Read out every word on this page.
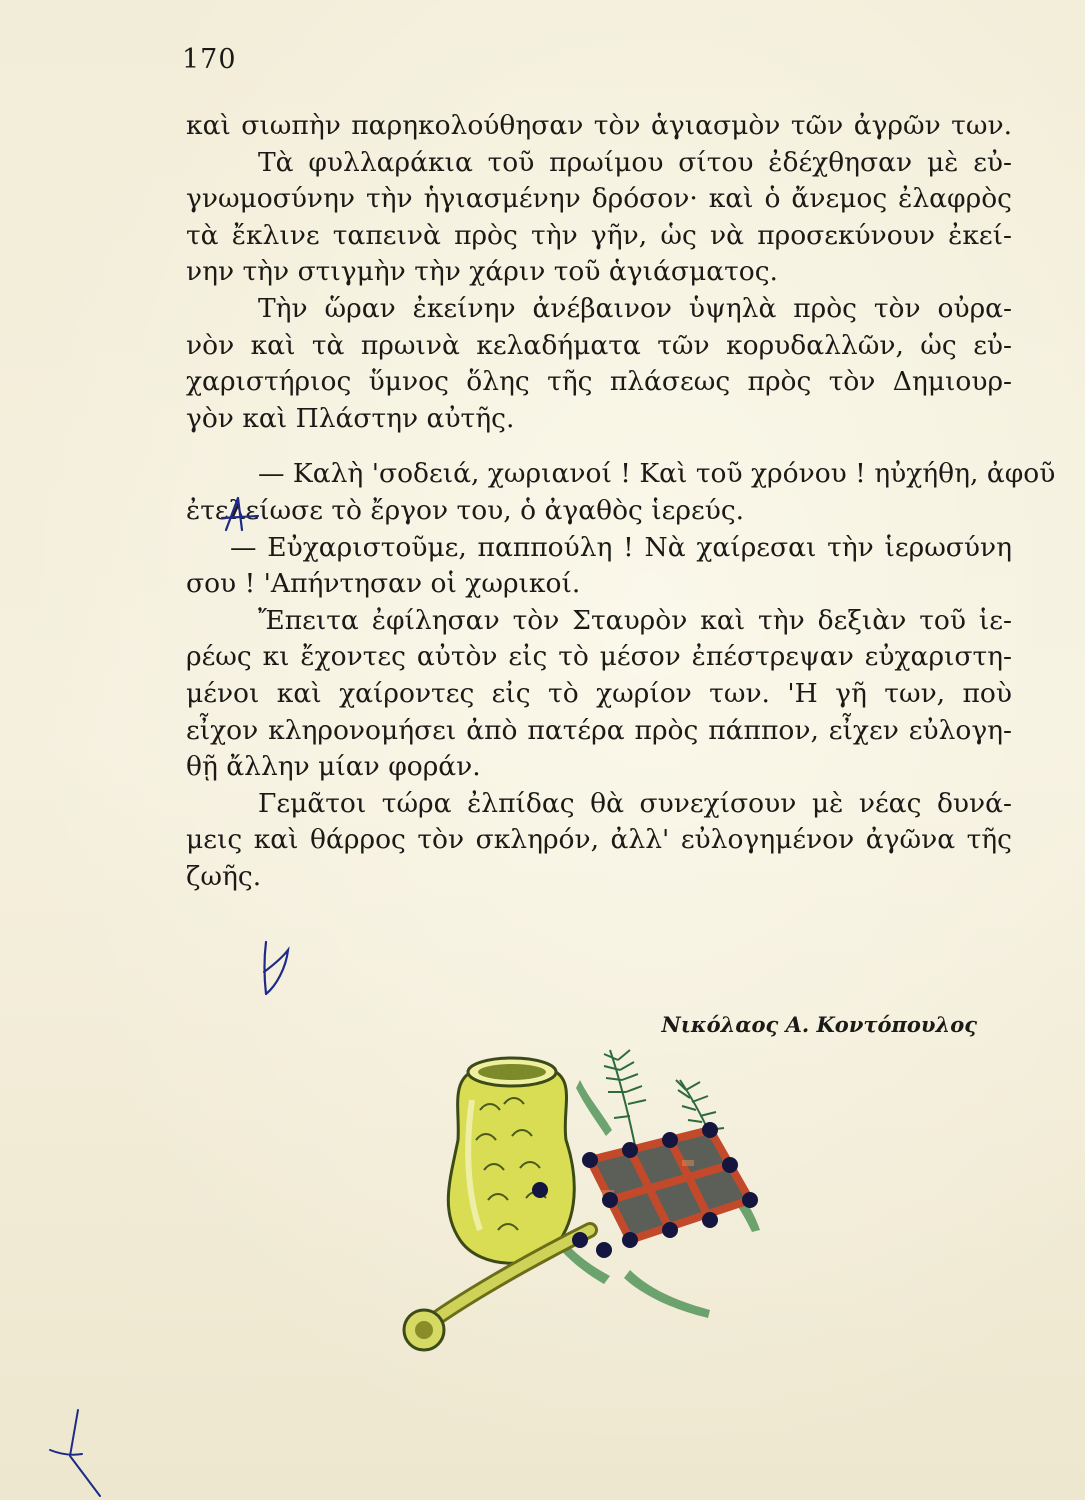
170
καὶ σιωπὴν παρηκολούθησαν τὸν ἁγιασμὸν τῶν ἀγρῶν των.
Τὰ φυλλαράκια τοῦ πρωίμου σίτου ἐδέχθησαν μὲ εὐ-
γνωμοσύνην τὴν ἡγιασμένην δρόσον· καὶ ὁ ἄνεμος ἐλαφρὸς
τὰ ἔκλινε ταπεινὰ πρὸς τὴν γῆν, ὡς νὰ προσεκύνουν ἐκεί-
νην τὴν στιγμὴν τὴν χάριν τοῦ ἁγιάσματος.
Τὴν ὥραν ἐκείνην ἀνέβαινον ὑψηλὰ πρὸς τὸν οὐρα-
νὸν καὶ τὰ πρωινὰ κελαδήματα τῶν κορυδαλλῶν, ὡς εὐ-
χαριστήριος ὕμνος ὅλης τῆς πλάσεως πρὸς τὸν Δημιουρ-
γὸν καὶ Πλάστην αὐτῆς.
— Καλὴ 'σοδειά, χωριανοί ! Καὶ τοῦ χρόνου ! ηὐχήθη, ἀφοῦ
ἐτελείωσε τὸ ἔργον του, ὁ ἀγαθὸς ἱερεύς.
— Εὐχαριστοῦμε, παππούλη ! Νὰ χαίρεσαι τὴν ἱερωσύνη
σου ! 'Απήντησαν οἱ χωρικοί.
Ἔπειτα ἐφίλησαν τὸν Σταυρὸν καὶ τὴν δεξιὰν τοῦ ἱε-
ρέως κι ἔχοντες αὐτὸν εἰς τὸ μέσον ἐπέστρεψαν εὐχαριστη-
μένοι καὶ χαίροντες εἰς τὸ χωρίον των. 'Η γῆ των, ποὺ
εἶχον κληρονομήσει ἀπὸ πατέρα πρὸς πάππον, εἶχεν εὐλογη-
θῇ ἄλλην μίαν φοράν.
Γεμᾶτοι τώρα ἐλπίδας θὰ συνεχίσουν μὲ νέας δυνά-
μεις καὶ θάρρος τὸν σκληρόν, ἀλλ' εὐλογημένον ἀγῶνα τῆς
ζωῆς.
Νικόλαος Α. Κοντόπουλος
